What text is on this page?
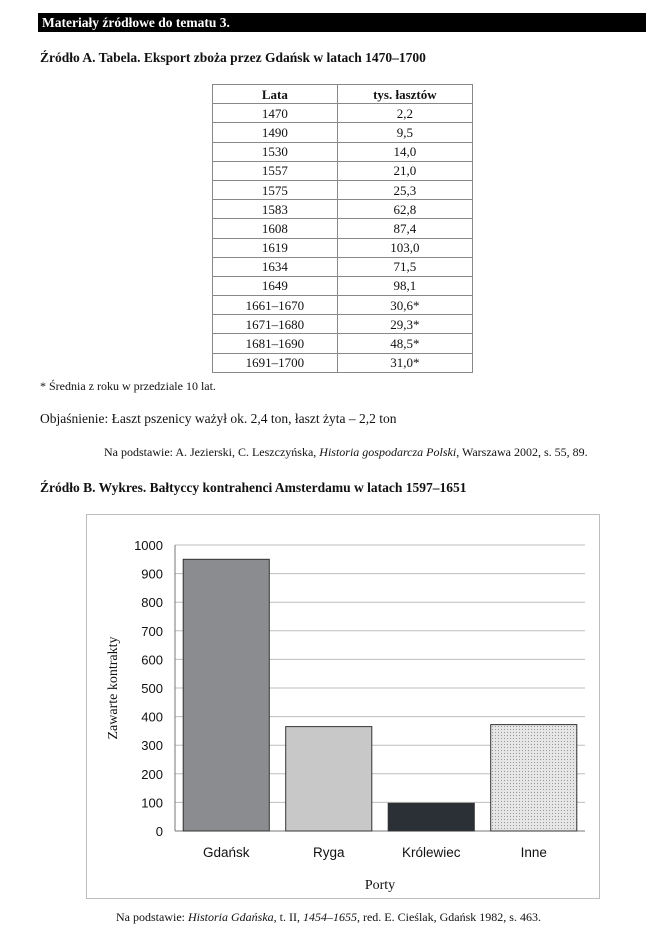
Materiały źródłowe do tematu 3.
Źródło A. Tabela. Eksport zboża przez Gdańsk w latach 1470–1700
Lata	tys. łasztów
1470	2,2
1490	9,5
1530	14,0
1557	21,0
1575	25,3
1583	62,8
1608	87,4
1619	103,0
1634	71,5
1649	98,1
1661–1670	30,6*
1671–1680	29,3*
1681–1690	48,5*
1691–1700	31,0*
* Średnia z roku w przedziale 10 lat.
Objaśnienie: Łaszt pszenicy ważył ok. 2,4 ton, łaszt żyta – 2,2 ton
Na podstawie: A. Jezierski, C. Leszczyńska, Historia gospodarcza Polski, Warszawa 2002, s. 55, 89.
Źródło B. Wykres. Bałtyccy kontrahenci Amsterdamu w latach 1597–1651
0
100
200
300
400
500
600
700
800
900
1000
Gdańsk	Ryga	Królewiec	Inne
Porty
Zawarte kontrakty
Na podstawie: Historia Gdańska, t. II, 1454–1655, red. E. Cieślak, Gdańsk 1982, s. 463.
